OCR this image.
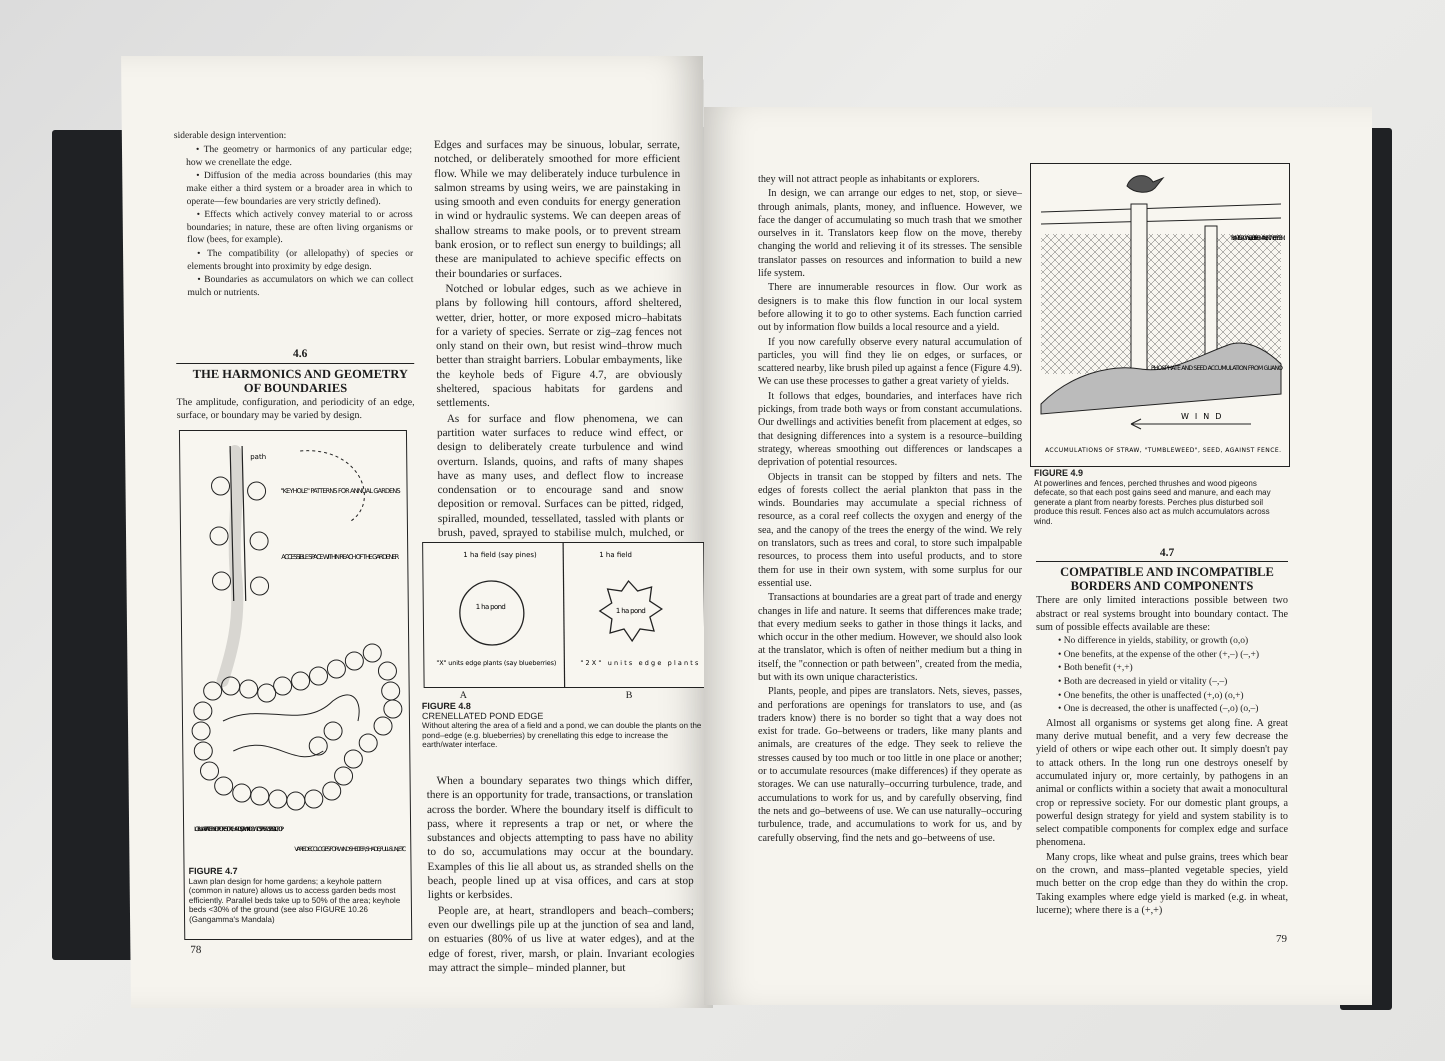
siderable design intervention:

• The geometry or harmonics of any particular edge; how we crenellate the edge.

• Diffusion of the media across boundaries (this may make either a third system or a broader area in which to operate—few boundaries are very strictly defined).

• Effects which actively convey material to or across boundaries; in nature, these are often living organisms or flow (bees, for example).

• The compatibility (or allelopathy) of species or elements brought into proximity by edge design.

• Boundaries as accumulators on which we can collect mulch or nutrients.

4.6

THE HARMONICS AND GEOMETRY OF BOUNDARIES

The amplitude, configuration, and periodicity of an edge, surface, or boundary may be varied by design.

path
"KEYHOLE" PATTERNS FOR ANNUAL GARDENS
ACCESSIBLE SPACE WITHIN REACH OF THE GARDENER
LOBULAR PATTERN FOR FOREST ORCHARDS, OR WINDOW TO SPREAD SPECIAL CROP
VARIED ECOLOGIES FOR WIND SHELTER, SHADE, FULL-SUN, ETC
FIGURE 4.7
Lawn plan design for home gardens; a keyhole pattern (common in nature) allows us to access garden beds most efficiently. Parallel beds take up to 50% of the area; keyhole beds <30% of the ground (see also FIGURE 10.26 (Gangamma's Mandala)
78

Edges and surfaces may be sinuous, lobular, serrate, notched, or deliberately smoothed for more efficient flow. While we may deliberately induce turbulence in salmon streams by using weirs, we are painstaking in using smooth and even conduits for energy generation in wind or hydraulic systems. We can deepen areas of shallow streams to make pools, or to prevent stream bank erosion, or to reflect sun energy to buildings; all these are manipulated to achieve specific effects on their boundaries or surfaces.

Notched or lobular edges, such as we achieve in plans by following hill contours, afford sheltered, wetter, drier, hotter, or more exposed micro–habitats for a variety of species. Serrate or zig–zag fences not only stand on their own, but resist wind–throw much better than straight barriers. Lobular embayments, like the keyhole beds of Figure 4.7, are obviously sheltered, spacious habitats for gardens and settlements.

As for surface and flow phenomena, we can partition water surfaces to reduce wind effect, or design to deliberately create turbulence and wind overturn. Islands, quoins, and rafts of many shapes have as many uses, and deflect flow to increase condensation or to encourage sand and snow deposition or removal. Surfaces can be pitted, ridged, spiralled, mounded, tessellated, tassled with plants or brush, paved, sprayed to stabilise mulch, mulched, or

1 ha field (say pines)
1 ha pond
"X" units edge plants (say blueberries)
1 ha field
1 ha pond
"2X" units edge plants
A	B
FIGURE 4.8
CRENELLATED POND EDGE
Without altering the area of a field and a pond, we can double the plants on the pond–edge (e.g. blueberries) by crenellating this edge to increase the earth/water interface.

When a boundary separates two things which differ, there is an opportunity for trade, transactions, or translation across the border. Where the boundary itself is difficult to pass, where it represents a trap or net, or where the substances and objects attempting to pass have no ability to do so, accumulations may occur at the boundary. Examples of this lie all about us, as stranded shells on the beach, people lined up at visa offices, and cars at stop lights or kerbsides.

People are, at heart, strandlopers and beach–combers; even our dwellings pile up at the junction of sea and land, on estuaries (80% of us live at water edges), and at the edge of forest, river, marsh, or plain. Invariant ecologies may attract the simple– minded planner, but

they will not attract people as inhabitants or explorers.

In design, we can arrange our edges to net, stop, or sieve–through animals, plants, money, and influence. However, we face the danger of accumulating so much trash that we smother ourselves in it. Translators keep flow on the move, thereby changing the world and relieving it of its stresses. The sensible translator passes on resources and information to build a new life system.

There are innumerable resources in flow. Our work as designers is to make this flow function in our local system before allowing it to go to other systems. Each function carried out by information flow builds a local resource and a yield.

If you now carefully observe every natural accumulation of particles, you will find they lie on edges, or surfaces, or scattered nearby, like brush piled up against a fence (Figure 4.9). We can use these processes to gather a great variety of yields.

It follows that edges, boundaries, and interfaces have rich pickings, from trade both ways or from constant accumulations. Our dwellings and activities benefit from placement at edges, so that designing differences into a system is a resource–building strategy, whereas smoothing out differences or landscapes a deprivation of potential resources.

Objects in transit can be stopped by filters and nets. The edges of forests collect the aerial plankton that pass in the winds. Boundaries may accumulate a special richness of resource, as a coral reef collects the oxygen and energy of the sea, and the canopy of the trees the energy of the wind. We rely on translators, such as trees and coral, to store such impalpable resources, to process them into useful products, and to store them for use in their own system, with some surplus for our essential use.

Transactions at boundaries are a great part of trade and energy changes in life and nature. It seems that differences make trade; that every medium seeks to gather in those things it lacks, and which occur in the other medium. However, we should also look at the translator, which is often of neither medium but a thing in itself, the "connection or path between", created from the media, but with its own unique characteristics.

Plants, people, and pipes are translators. Nets, sieves, passes, and perforations are openings for translators to use, and (as traders know) there is no border so tight that a way does not exist for trade. Go–betweens or traders, like many plants and animals, are creatures of the edge. They seek to relieve the stresses caused by too much or too little in one place or another; or to accumulate resources (make differences) if they operate as storages. We can use naturally–occurring turbulence, trade, and accumulations to work for us, and by carefully observing, find the nets and go–betweens of use. We can use naturally–occuring turbulence, trade, and accumulations to work for us, and by carefully observing, find the nets and go–betweens of use.

PLANTS GROW & BEGIN PERMANENT WET SYSTEM.
PHOSPHATE AND SEED ACCUMULATION FROM GUANO
WIND
ACCUMULATIONS OF STRAW, "TUMBLEWEED", SEED, AGAINST FENCE.
FIGURE 4.9
At powerlines and fences, perched thrushes and wood pigeons defecate, so that each post gains seed and manure, and each may generate a plant from nearby forests. Perches plus disturbed soil produce this result. Fences also act as mulch accumulators across wind.

4.7

COMPATIBLE AND INCOMPATIBLE BORDERS AND COMPONENTS

There are only limited interactions possible between two abstract or real systems brought into boundary contact. The sum of possible effects available are these:

• No difference in yields, stability, or growth (o,o)

• One benefits, at the expense of the other (+,–) (–,+)

• Both benefit (+,+)

• Both are decreased in yield or vitality (–,–)

• One benefits, the other is unaffected (+,o) (o,+)

• One is decreased, the other is unaffected (–,o) (o,–)

Almost all organisms or systems get along fine. A great many derive mutual benefit, and a very few decrease the yield of others or wipe each other out. It simply doesn't pay to attack others. In the long run one destroys oneself by accumulated injury or, more certainly, by pathogens in an animal or conflicts within a society that await a monocultural crop or repressive society. For our domestic plant groups, a powerful design strategy for yield and system stability is to select compatible components for complex edge and surface phenomena.

Many crops, like wheat and pulse grains, trees which bear on the crown, and mass–planted vegetable species, yield much better on the crop edge than they do within the crop. Taking examples where edge yield is marked (e.g. in wheat, lucerne); where there is a (+,+)

79
